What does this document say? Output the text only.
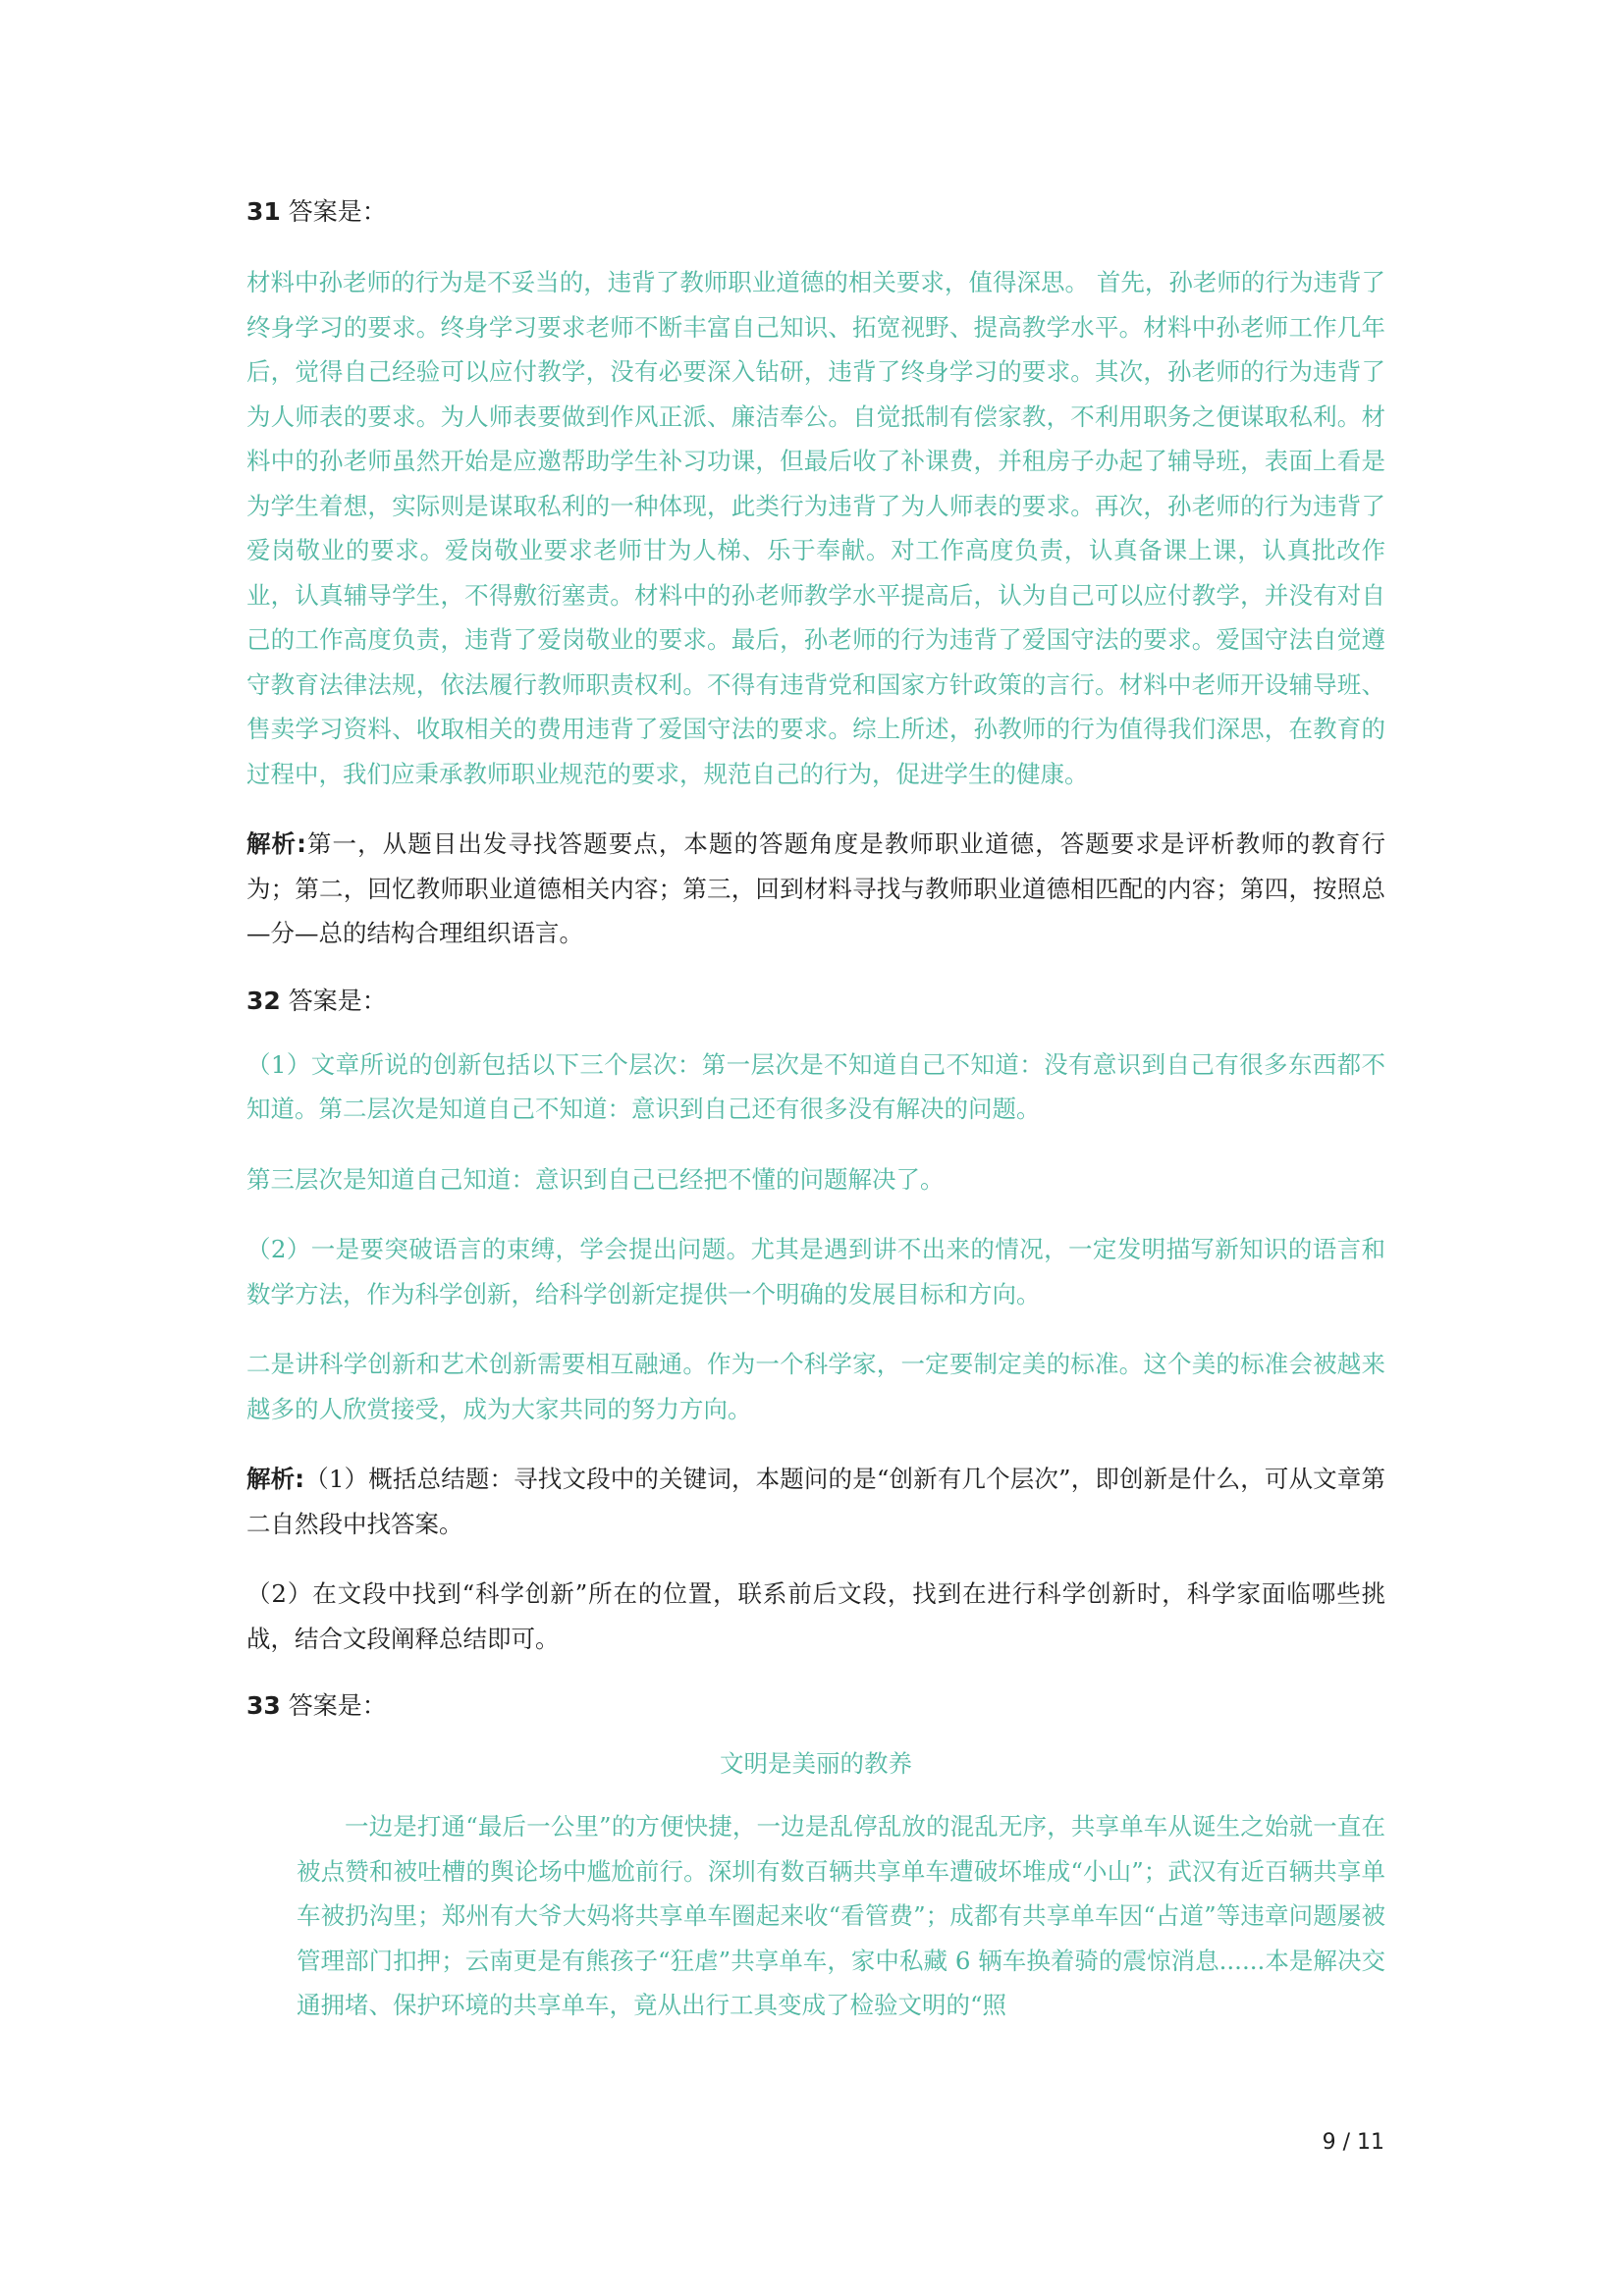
31 答案是：

材料中孙老师的行为是不妥当的，违背了教师职业道德的相关要求，值得深思。 首先，孙老师的行为违背了终身学习的要求。终身学习要求老师不断丰富自己知识、拓宽视野、提高教学水平。材料中孙老师工作几年后，觉得自己经验可以应付教学，没有必要深入钻研，违背了终身学习的要求。其次，孙老师的行为违背了为人师表的要求。为人师表要做到作风正派、廉洁奉公。自觉抵制有偿家教，不利用职务之便谋取私利。材料中的孙老师虽然开始是应邀帮助学生补习功课，但最后收了补课费，并租房子办起了辅导班，表面上看是为学生着想，实际则是谋取私利的一种体现，此类行为违背了为人师表的要求。再次，孙老师的行为违背了爱岗敬业的要求。爱岗敬业要求老师甘为人梯、乐于奉献。对工作高度负责，认真备课上课，认真批改作业，认真辅导学生，不得敷衍塞责。材料中的孙老师教学水平提高后，认为自己可以应付教学，并没有对自己的工作高度负责，违背了爱岗敬业的要求。最后，孙老师的行为违背了爱国守法的要求。爱国守法自觉遵守教育法律法规，依法履行教师职责权利。不得有违背党和国家方针政策的言行。材料中老师开设辅导班、售卖学习资料、收取相关的费用违背了爱国守法的要求。综上所述，孙教师的行为值得我们深思，在教育的过程中，我们应秉承教师职业规范的要求，规范自己的行为，促进学生的健康。

解析:第一，从题目出发寻找答题要点，本题的答题角度是教师职业道德，答题要求是评析教师的教育行为；第二，回忆教师职业道德相关内容；第三，回到材料寻找与教师职业道德相匹配的内容；第四，按照总—分—总的结构合理组织语言。

32 答案是：

（1）文章所说的创新包括以下三个层次：第一层次是不知道自己不知道：没有意识到自己有很多东西都不知道。第二层次是知道自己不知道：意识到自己还有很多没有解决的问题。

第三层次是知道自己知道：意识到自己已经把不懂的问题解决了。

（2）一是要突破语言的束缚，学会提出问题。尤其是遇到讲不出来的情况，一定发明描写新知识的语言和数学方法，作为科学创新，给科学创新定提供一个明确的发展目标和方向。

二是讲科学创新和艺术创新需要相互融通。作为一个科学家，一定要制定美的标准。这个美的标准会被越来越多的人欣赏接受，成为大家共同的努力方向。

解析:（1）概括总结题：寻找文段中的关键词，本题问的是“创新有几个层次”，即创新是什么，可从文章第二自然段中找答案。

（2）在文段中找到“科学创新”所在的位置，联系前后文段，找到在进行科学创新时，科学家面临哪些挑战，结合文段阐释总结即可。

33 答案是：

文明是美丽的教养

一边是打通“最后一公里”的方便快捷，一边是乱停乱放的混乱无序，共享单车从诞生之始就一直在被点赞和被吐槽的舆论场中尴尬前行。深圳有数百辆共享单车遭破坏堆成“小山”；武汉有近百辆共享单车被扔沟里；郑州有大爷大妈将共享单车圈起来收“看管费”；成都有共享单车因“占道”等违章问题屡被管理部门扣押；云南更是有熊孩子“狂虐”共享单车，家中私藏 6 辆车换着骑的震惊消息......本是解决交通拥堵、保护环境的共享单车，竟从出行工具变成了检验文明的“照

9 / 11
